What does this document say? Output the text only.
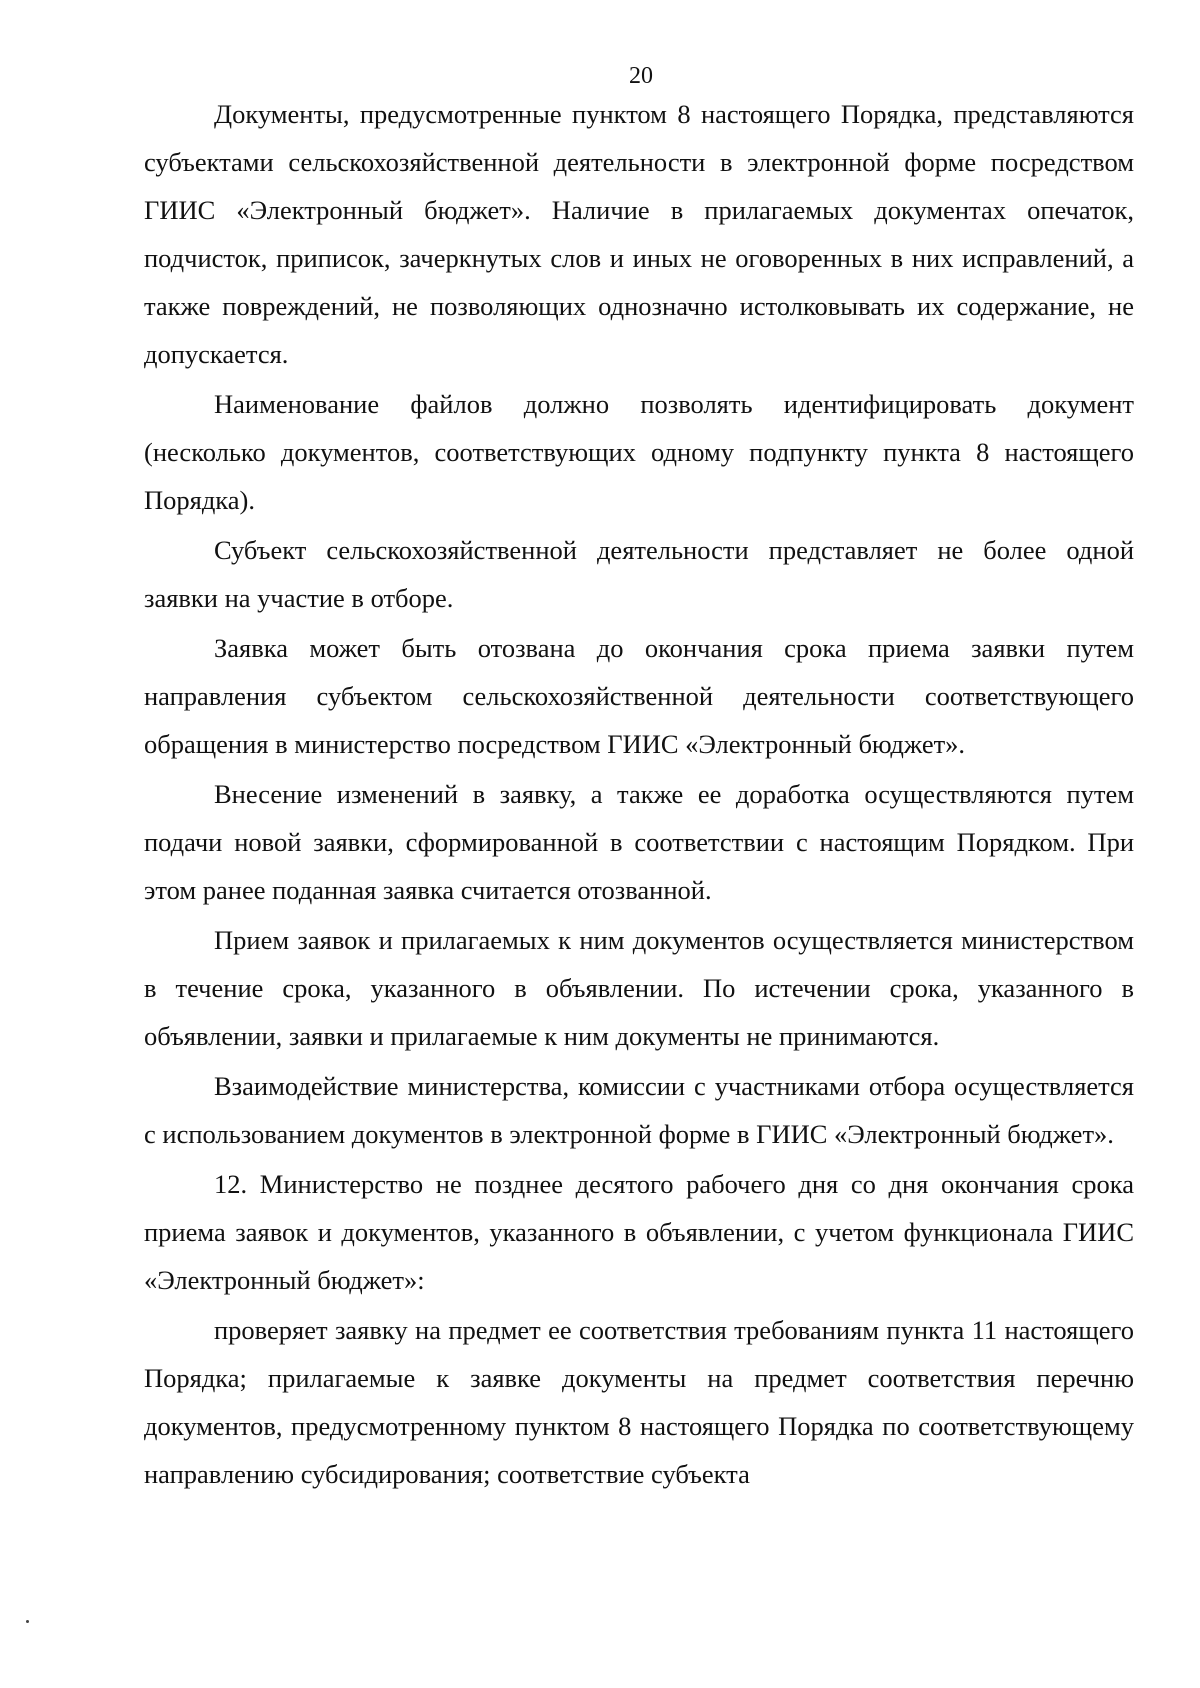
20

Документы, предусмотренные пунктом 8 настоящего Порядка, представляются субъектами сельскохозяйственной деятельности в электронной форме посредством ГИИС «Электронный бюджет». Наличие в прилагаемых документах опечаток, подчисток, приписок, зачеркнутых слов и иных не оговоренных в них исправлений, а также повреждений, не позволяющих однозначно истолковывать их содержание, не допускается.

Наименование файлов должно позволять идентифицировать документ (несколько документов, соответствующих одному подпункту пункта 8 настоящего Порядка).

Субъект сельскохозяйственной деятельности представляет не более одной заявки на участие в отборе.

Заявка может быть отозвана до окончания срока приема заявки путем направления субъектом сельскохозяйственной деятельности соответствующего обращения в министерство посредством ГИИС «Электронный бюджет».

Внесение изменений в заявку, а также ее доработка осуществляются путем подачи новой заявки, сформированной в соответствии с настоящим Порядком. При этом ранее поданная заявка считается отозванной.

Прием заявок и прилагаемых к ним документов осуществляется министерством в течение срока, указанного в объявлении. По истечении срока, указанного в объявлении, заявки и прилагаемые к ним документы не принимаются.

Взаимодействие министерства, комиссии с участниками отбора осуществляется с использованием документов в электронной форме в ГИИС «Электронный бюджет».

12. Министерство не позднее десятого рабочего дня со дня окончания срока приема заявок и документов, указанного в объявлении, с учетом функционала ГИИС «Электронный бюджет»:

проверяет заявку на предмет ее соответствия требованиям пункта 11 настоящего Порядка; прилагаемые к заявке документы на предмет соответствия перечню документов, предусмотренному пунктом 8 настоящего Порядка по соответствующему направлению субсидирования; соответствие субъекта
